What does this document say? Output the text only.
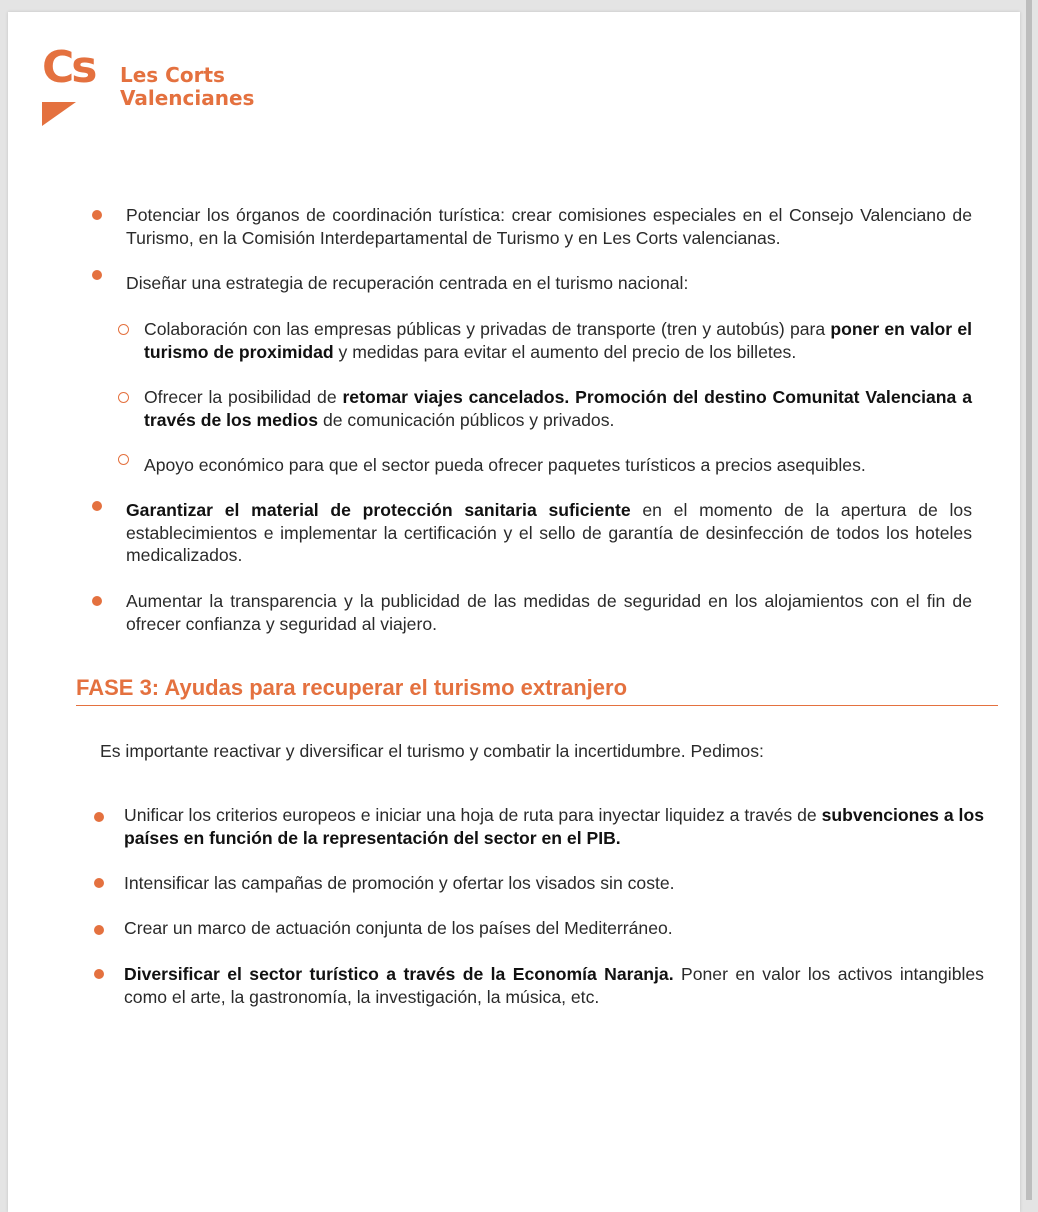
Cs Les Corts
Valencianes
Potenciar los órganos de coordinación turística: crear comisiones especiales en el Consejo Valenciano de Turismo, en la Comisión Interdepartamental de Turismo y en Les Corts valencianas.
Diseñar una estrategia de recuperación centrada en el turismo nacional:
Colaboración con las empresas públicas y privadas de transporte (tren y autobús) para poner en valor el turismo de proximidad y medidas para evitar el aumento del precio de los billetes.
Ofrecer la posibilidad de retomar viajes cancelados. Promoción del destino Comunitat Valenciana a través de los medios de comunicación públicos y privados.
Apoyo económico para que el sector pueda ofrecer paquetes turísticos a precios asequibles.
Garantizar el material de protección sanitaria suficiente en el momento de la apertura de los establecimientos e implementar la certificación y el sello de garantía de desinfección de todos los hoteles medicalizados.
Aumentar la transparencia y la publicidad de las medidas de seguridad en los alojamientos con el fin de ofrecer confianza y seguridad al viajero.
FASE 3: Ayudas para recuperar el turismo extranjero
Es importante reactivar y diversificar el turismo y combatir la incertidumbre. Pedimos:
Unificar los criterios europeos e iniciar una hoja de ruta para inyectar liquidez a través de subvenciones a los países en función de la representación del sector en el PIB.
Intensificar las campañas de promoción y ofertar los visados sin coste.
Crear un marco de actuación conjunta de los países del Mediterráneo.
Diversificar el sector turístico a través de la Economía Naranja. Poner en valor los activos intangibles como el arte, la gastronomía, la investigación, la música, etc.
